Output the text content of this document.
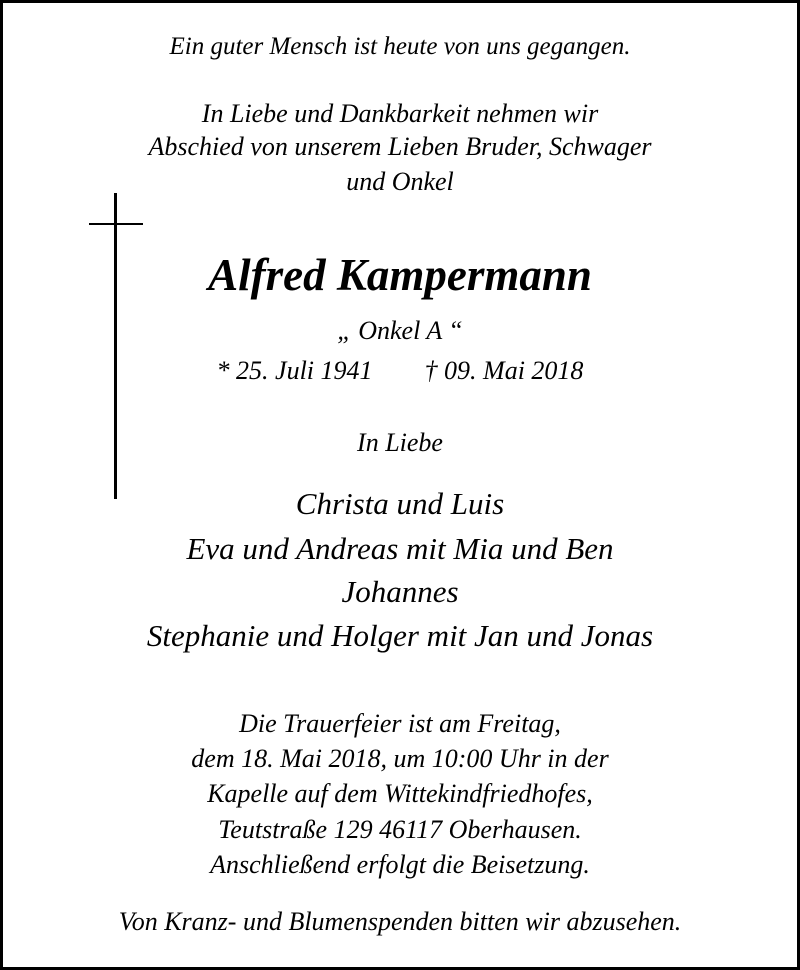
Ein guter Mensch ist heute von uns gegangen.
In Liebe und Dankbarkeit nehmen wir
Abschied von unserem Lieben Bruder, Schwager
und Onkel
Alfred Kampermann
„ Onkel A “
* 25. Juli 1941 † 09. Mai 2018
In Liebe
Christa und Luis
Eva und Andreas mit Mia und Ben
Johannes
Stephanie und Holger mit Jan und Jonas
Die Trauerfeier ist am Freitag,
dem 18. Mai 2018, um 10:00 Uhr in der
Kapelle auf dem Wittekindfriedhofes,
Teutstraße 129 46117 Oberhausen.
Anschließend erfolgt die Beisetzung.
Von Kranz- und Blumenspenden bitten wir abzusehen.
